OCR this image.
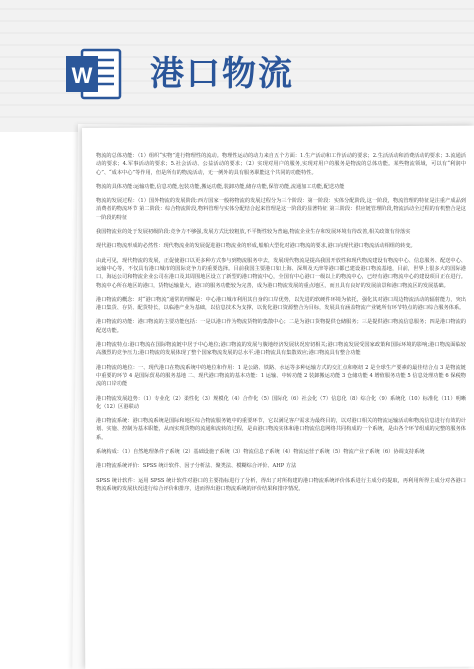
W 港口物流

物流的总体功能：（1）组织“实物”进行物理性的流动。物理性运动的动力来自五个方面：1.生产活动和工作活动的要求；2.生活活动和消费活动的要求；3.流通活动的要求；4.军事活动的要求；5.社会活动、公益活动的要求；（2）实现对用户的服务,实现对用户的服务是物流的总体功能。某些物流领域，可以有“利润中心”、“成本中心”等作用，但是所有的物流活动，无一例外的具有服务职能这个共同的功能特性。

物流的具体功能:运输功能,信息功能,包装功能,搬运功能,装卸功能,储存功能,保管功能,流通加工功能,配送功能

物流的发展过程：（1）国外物流的发展阶段:西方国家一般将物流的发展过程分为三个阶段：第一阶段：实体分配阶段,这一阶段，物流管理的特征是注重产成品到消费者的物流环节 第二阶段：综合物流阶段,物料管理与实体分配结合起来管理是这一阶段的显著特征 第三阶段：供应链管理阶段,物流活动全过程的有机整合是这一阶段的特征

我国物流业的处于发展初级阶段:竞争力不够强,发展方式比较粗放,不平衡性较为普遍,物流企业生存和发展环境有待改善,相关政策有待落实

现代港口物流形成的必然性：现代物流业的发展促进港口物流业的形成,船舶大型化对港口物流的要求,港口向现代港口物流活动相组的转变。

由此可见，现代物流的发展，正促使港口以更多种方式参与到物流服务中去，发展现代物流是提高我国开放性和现代物流建设有物流中心、信息服务、配送中心、运输中心等，不仅具有港口城市的国际竞争力的重要选择。目前我国主要港口如上海、深圳及天津等港口都已建设港口物流基地，目前，世界上很多大的国际港口，海运公司和物流企业公司在港口及其周围地区设立了新型的港口物流中心，全国有中心港口一级以上的物流中心，已经有港口物流中心的建设项目正在进行。物流中心所在地区的港口，货物运输量大，港口的服务功能较为完善，成为港口物流发展的重点地区，而且具有良好的发展前景和港口物流区的发展基础。

港口物流的概念：对“港口物流”通常的理解是：中心港口城市利用其自身的口岸优势，以先进的软硬件环境为依托，强化其对港口周边物流活动的辐射能力，突出港口集货、存货、配货特长，以临港产业为基础，以信息技术为支撑，以优化港口资源整合为目标，发展具有涵盖物流产业链所有环节特点的港口综合服务体系。

港口物流的功能：港口物流的主要功能包括：一是以港口作为物流货物的集散中心；二是为港口货物提供仓储服务；三是提供港口物流信息服务；四是港口物流的配送功能。

港口物流特点:港口物流在国际物流链中居于中心地位;港口物流的发展与腹地经济发展状况密切相关;港口物流发展受国家政策和国际环境的影响;港口物流面临较高激烈的竞争压力;港口物流的发展体现了整个国家物流发展的总水平;港口物流具有集散效应;港口物流具有整合功能

港口物流的地位：一、现代港口在物流系统中的地位和作用：1 是公路、铁路、水运等多种运输方式的交汇点和枢纽 2 是全球生产要素的最佳结合点 3 是物流链中重要的环节 4 是国际贸易的服务基地 二、现代港口物流的基本功能：1 运输、中转功能 2 装卸搬运功能 3 仓储功能 4 增值服务功能 5 信息处理功能 6 保税物流的口岸功能

港口物流发展趋势：（1）专业化（2）柔性化（3）规模化（4）合作化（5）国际化（6）社会化（7）信息化（8）综合化（9）系统化（10）标准化（11）明晰化（12）区港联动

港口物流系统：港口物流系统是国际和地区综合物流服务链中的重要环节，它以满足客户需求为最终目的，以对港口相关的物流运输活动和物流信息进行有效的计划、实施、控制为基本职能，从而实现货物的流通和流转的过程，是由港口物流实体和港口物流信息网络共同构成的一个系统，是由各个环节组成的完整的服务体系。

系统构成：（1）自然地理条件子系统（2）基础设施子系统（3）物流信息子系统（4）物流运营子系统（5）物流产业子系统（6）协调支持系统

港口物流系统评价：SPSS 统计软件、因子分析法、聚类法、模糊综合评价、AHP 方法

SPSS 统计软件：运用 SPSS 统计软件对港口的主要指标进行了分析，得出了对所构建的港口物流系统评价体系进行主成分的提取，再利用所得主成分对各港口物流系统的发展状况进行综合评价和排序，进而得出港口物流系统的评价结果和排序情况。
